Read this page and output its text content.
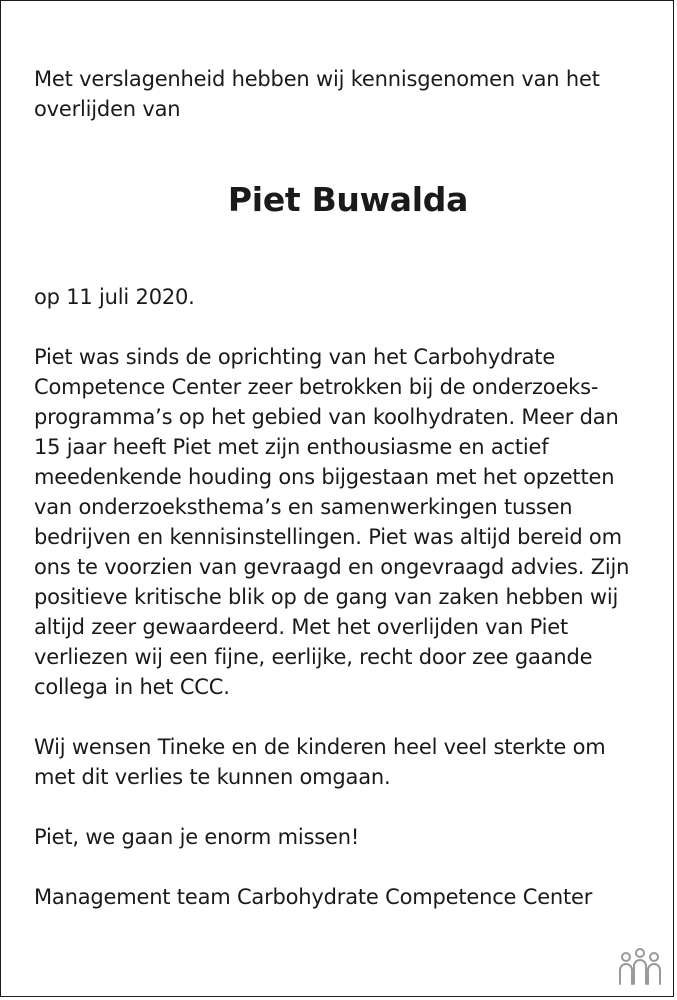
Met verslagenheid hebben wij kennisgenomen van het
overlijden van

Piet Buwalda

op 11 juli 2020.

Piet was sinds de oprichting van het Carbohydrate
Competence Center zeer betrokken bij de onderzoeks-
programma’s op het gebied van koolhydraten. Meer dan
15 jaar heeft Piet met zijn enthousiasme en actief
meedenkende houding ons bijgestaan met het opzetten
van onderzoeksthema’s en samenwerkingen tussen
bedrijven en kennisinstellingen. Piet was altijd bereid om
ons te voorzien van gevraagd en ongevraagd advies. Zijn
positieve kritische blik op de gang van zaken hebben wij
altijd zeer gewaardeerd. Met het overlijden van Piet
verliezen wij een fijne, eerlijke, recht door zee gaande
collega in het CCC.

Wij wensen Tineke en de kinderen heel veel sterkte om
met dit verlies te kunnen omgaan.

Piet, we gaan je enorm missen!

Management team Carbohydrate Competence Center
